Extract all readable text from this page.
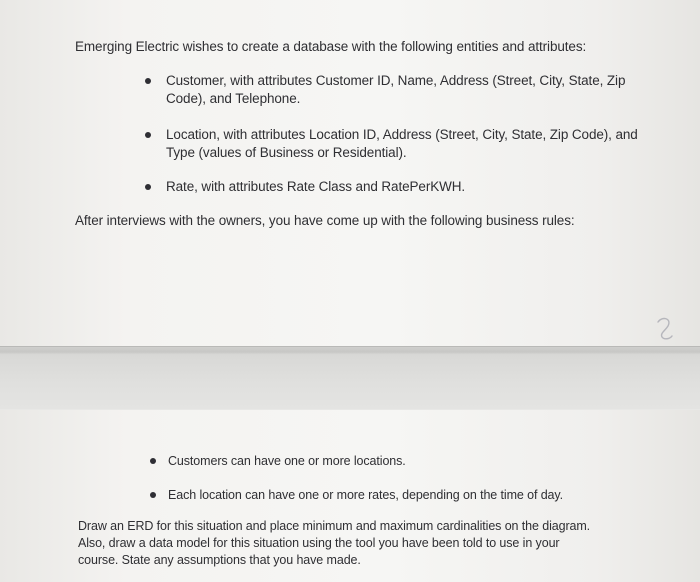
Emerging Electric wishes to create a database with the following entities and attributes:
Customer, with attributes Customer ID, Name, Address (Street, City, State, Zip
Code), and Telephone.
Location, with attributes Location ID, Address (Street, City, State, Zip Code), and
Type (values of Business or Residential).
Rate, with attributes Rate Class and RatePerKWH.
After interviews with the owners, you have come up with the following business rules:
Customers can have one or more locations.
Each location can have one or more rates, depending on the time of day.
Draw an ERD for this situation and place minimum and maximum cardinalities on the diagram.
Also, draw a data model for this situation using the tool you have been told to use in your
course. State any assumptions that you have made.
